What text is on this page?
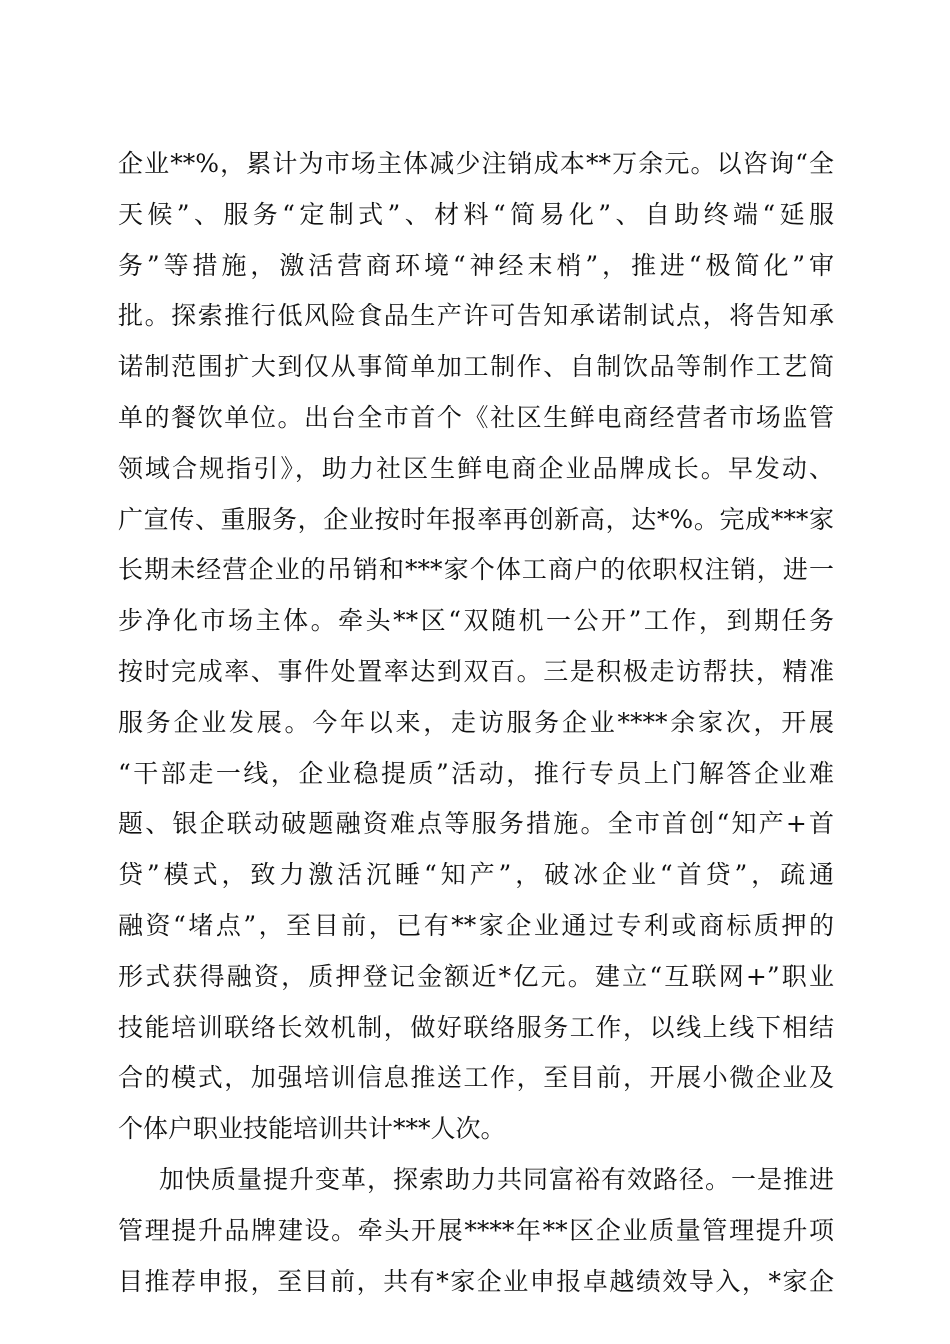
企业**%，累计为市场主体减少注销成本**万余元。以咨询“全
天候”、服务“定制式”、材料“简易化”、自助终端“延服
务”等措施，激活营商环境“神经末梢”，推进“极简化”审
批。探索推行低风险食品生产许可告知承诺制试点，将告知承
诺制范围扩大到仅从事简单加工制作、自制饮品等制作工艺简
单的餐饮单位。出台全市首个《社区生鲜电商经营者市场监管
领域合规指引》，助力社区生鲜电商企业品牌成长。早发动、
广宣传、重服务，企业按时年报率再创新高，达*%。完成***家
长期未经营企业的吊销和***家个体工商户的依职权注销，进一
步净化市场主体。牵头**区“双随机一公开”工作，到期任务
按时完成率、事件处置率达到双百。三是积极走访帮扶，精准
服务企业发展。今年以来，走访服务企业****余家次，开展
“干部走一线，企业稳提质”活动，推行专员上门解答企业难
题、银企联动破题融资难点等服务措施。全市首创“知产+首
贷”模式，致力激活沉睡“知产”，破冰企业“首贷”，疏通
融资“堵点”，至目前，已有**家企业通过专利或商标质押的
形式获得融资，质押登记金额近*亿元。建立“互联网+”职业
技能培训联络长效机制，做好联络服务工作，以线上线下相结
合的模式，加强培训信息推送工作，至目前，开展小微企业及
个体户职业技能培训共计***人次。
加快质量提升变革，探索助力共同富裕有效路径。一是推进
管理提升品牌建设。牵头开展****年**区企业质量管理提升项
目推荐申报，至目前，共有*家企业申报卓越绩效导入，*家企
